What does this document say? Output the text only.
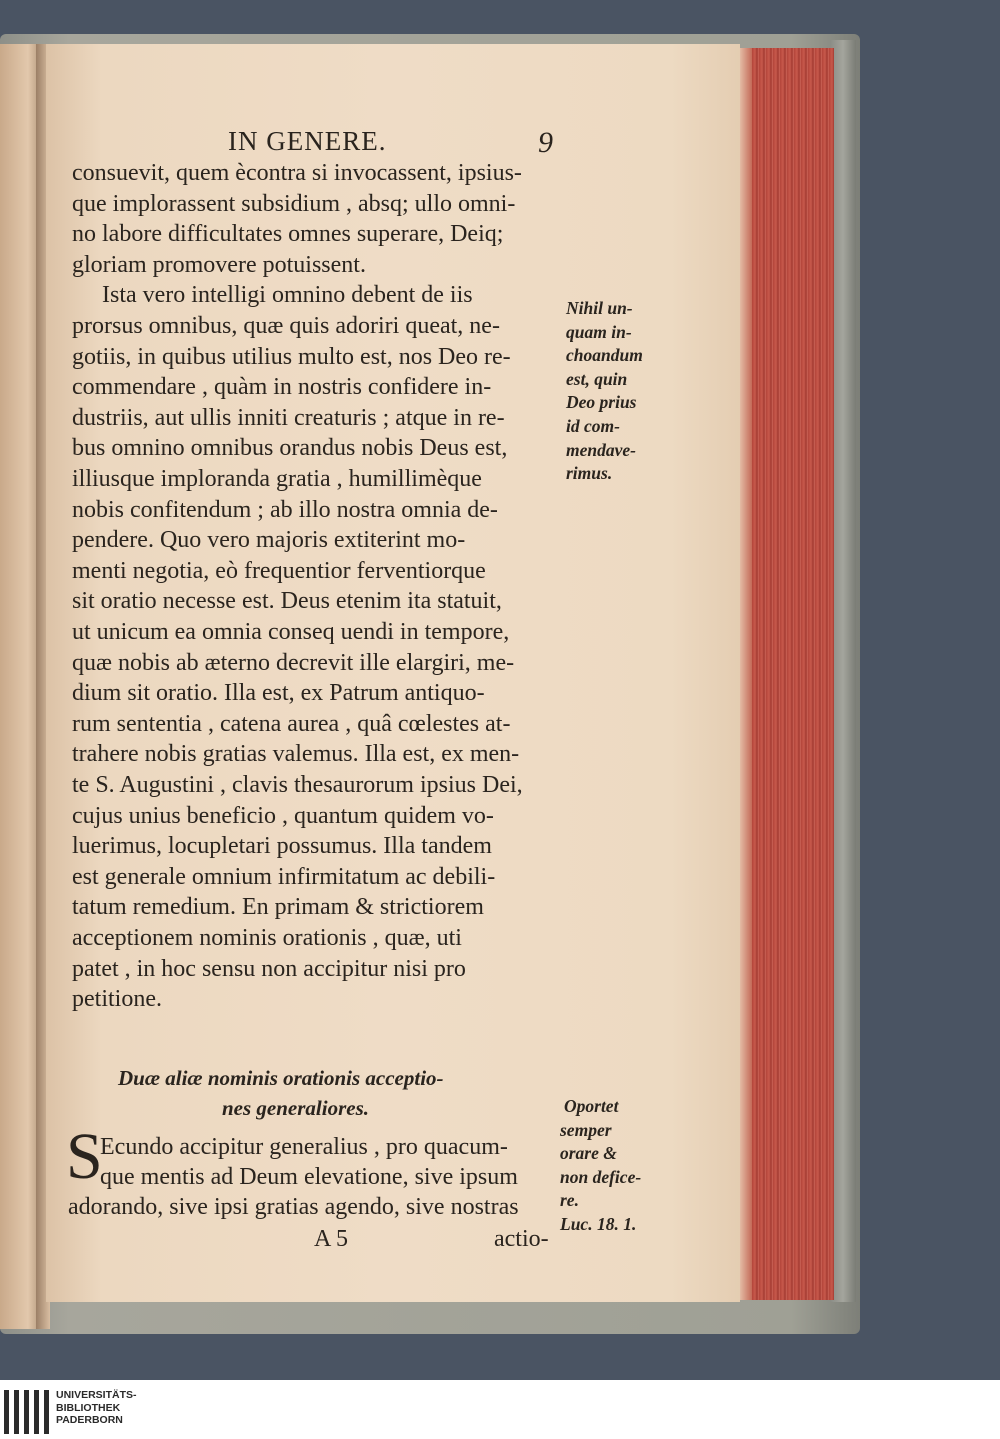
IN GENERE.	9
consuevit, quem ècontra si invocassent, ipsius-
que implorassent subsidium , absq; ullo omni-
no labore difficultates omnes superare, Deiq;
gloriam promovere potuissent.
Ista vero intelligi omnino debent de iis
prorsus omnibus, quæ quis adoriri queat, ne-
gotiis, in quibus utilius multo est, nos Deo re-
commendare , quàm in nostris confidere in-
dustriis, aut ullis inniti creaturis ; atque in re-
bus omnino omnibus orandus nobis Deus est,
illiusque imploranda gratia , humillimèque
nobis confitendum ; ab illo nostra omnia de-
pendere. Quo vero majoris extiterint mo-
menti negotia, eò frequentior ferventiorque
sit oratio necesse est. Deus etenim ita statuit,
ut unicum ea omnia conseq uendi in tempore,
quæ nobis ab æterno decrevit ille elargiri, me-
dium sit oratio. Illa est, ex Patrum antiquo-
rum sententia , catena aurea , quâ cœlestes at-
trahere nobis gratias valemus. Illa est, ex men-
te S. Augustini , clavis thesaurorum ipsius Dei,
cujus unius beneficio , quantum quidem vo-
luerimus, locupletari possumus. Illa tandem
est generale omnium infirmitatum ac debili-
tatum remedium. En primam & strictiorem
acceptionem nominis orationis , quæ, uti
patet , in hoc sensu non accipitur nisi pro
petitione.
Nihil un-
quam in-
choandum
est, quin
Deo prius
id com-
mendave-
rimus.
Duæ aliæ nominis orationis acceptio-
nes generaliores.
S
Ecundo accipitur generalius , pro quacum-
que mentis ad Deum elevatione, sive ipsum
adorando, sive ipsi gratias agendo, sive nostras
Oportet
semper
orare &
non defice-
re.
Luc. 18. 1.
A 5	actio-
UNIVERSITÄTS-
BIBLIOTHEK
PADERBORN
